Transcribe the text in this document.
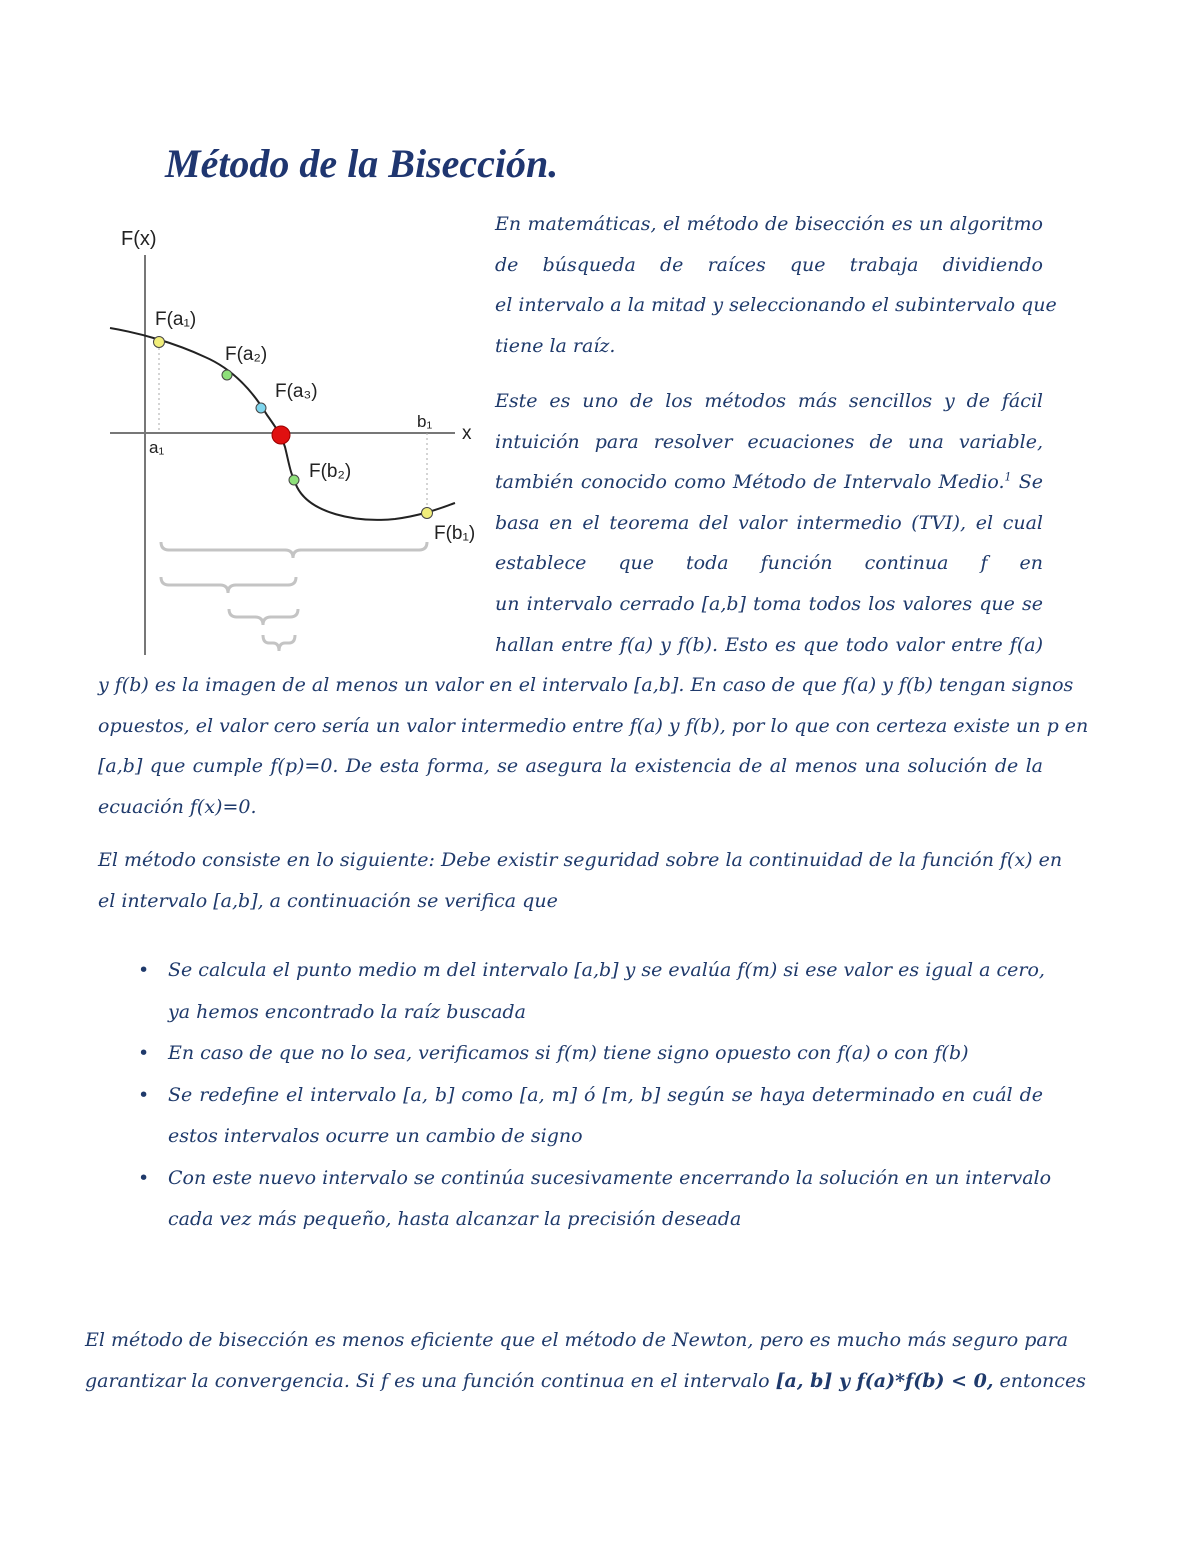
Método de la Bisección.
F(x)
x
a₁
b₁
F(a₁)
F(a₂)
F(a₃)
F(b₂)
F(b₁)
En matemáticas, el método de bisección es un algoritmo
de búsqueda de raíces que trabaja dividiendo
el intervalo a la mitad y seleccionando el subintervalo que
tiene la raíz.
Este es uno de los métodos más sencillos y de fácil
intuición para resolver ecuaciones de una variable,
también conocido como Método de Intervalo Medio.$^1$ Se
basa en el teorema del valor intermedio (TVI), el cual
establece que toda función continua f en
un intervalo cerrado [a,b] toma todos los valores que se
hallan entre f(a) y f(b). Esto es que todo valor entre f(a)
y f(b) es la imagen de al menos un valor en el intervalo [a,b]. En caso de que f(a) y f(b) tengan signos
opuestos, el valor cero sería un valor intermedio entre f(a) y f(b), por lo que con certeza existe un p en
[a,b] que cumple f(p)=0. De esta forma, se asegura la existencia de al menos una solución de la
ecuación f(x)=0.
El método consiste en lo siguiente: Debe existir seguridad sobre la continuidad de la función f(x) en
el intervalo [a,b], a continuación se verifica que
• Se calcula el punto medio m del intervalo [a,b] y se evalúa f(m) si ese valor es igual a cero,
ya hemos encontrado la raíz buscada
• En caso de que no lo sea, verificamos si f(m) tiene signo opuesto con f(a) o con f(b)
• Se redefine el intervalo [a, b] como [a, m] ó [m, b] según se haya determinado en cuál de
estos intervalos ocurre un cambio de signo
• Con este nuevo intervalo se continúa sucesivamente encerrando la solución en un intervalo
cada vez más pequeño, hasta alcanzar la precisión deseada
El método de bisección es menos eficiente que el método de Newton, pero es mucho más seguro para
garantizar la convergencia. Si f es una función continua en el intervalo [a, b] y f(a)*f(b) < 0, entonces
